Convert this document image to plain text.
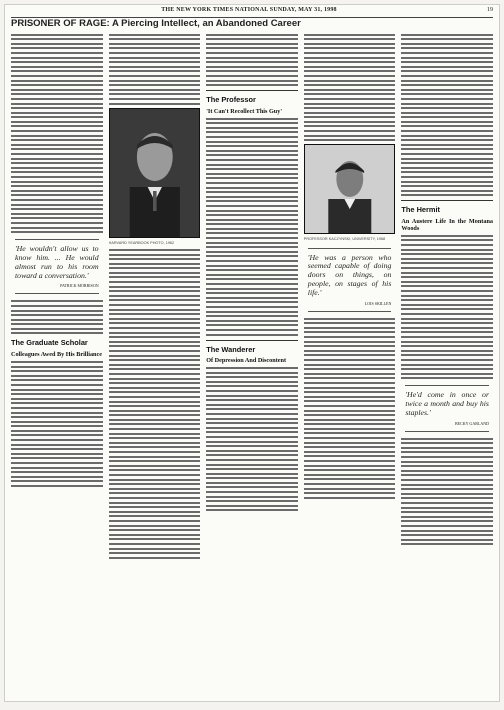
THE NEW YORK TIMES NATIONAL SUNDAY, MAY 31, 1998	19
PRISONER OF RAGE: A Piercing Intellect, an Abandoned Career
'He wouldn't allow us to know him. ... He would almost run to his room toward a conversation.'
PATRICK MORRISON
The Graduate Scholar
Colleagues Awed By His Brilliance
HARVARD YEARBOOK PHOTO, 1962
The Professor
'It Can't Recollect This Guy'
The Wanderer
Of Depression And Discontent
PROFESSOR KACZYNSKI, UNIVERSITY, 1968
'He was a person who seemed capable of doing doors on things, on people, on stages of his life.'
LOIS SKILLEN
The Hermit
An Austere Life In the Montana Woods
'He'd come in once or twice a month and buy his staples.'
BECKY GARLAND
